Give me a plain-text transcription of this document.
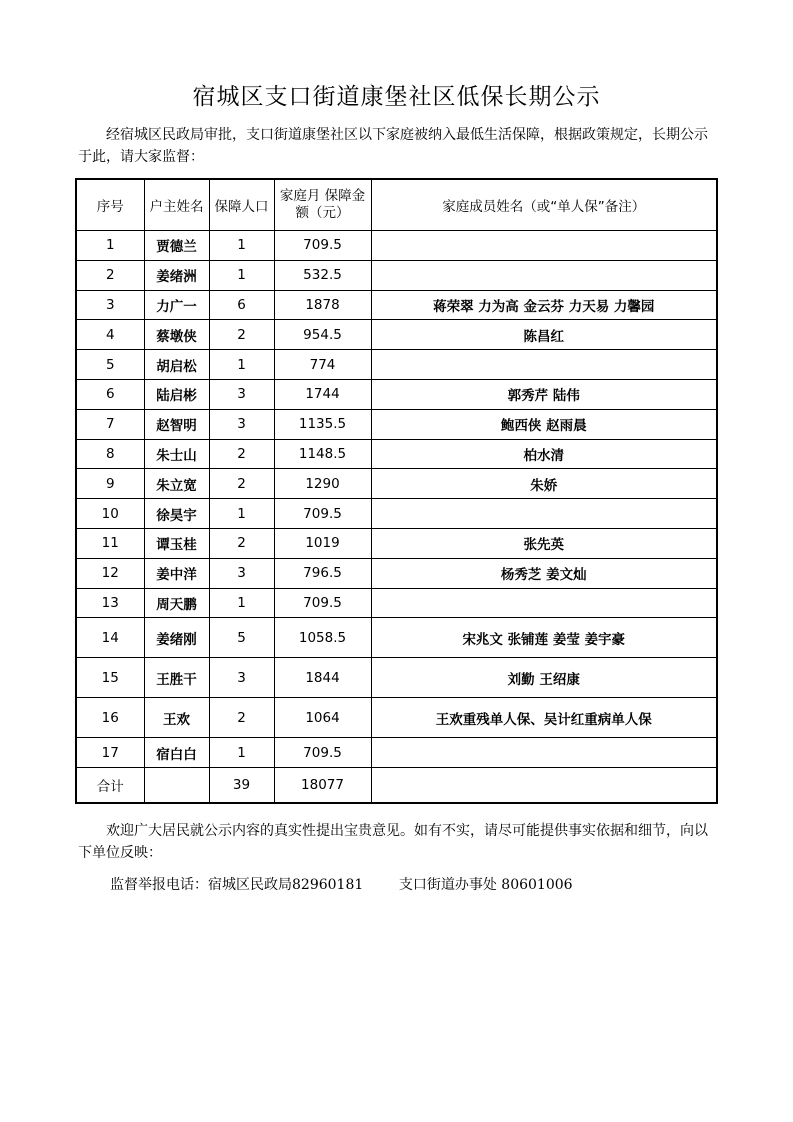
宿城区支口街道康堡社区低保长期公示
经宿城区民政局审批，支口街道康堡社区以下家庭被纳入最低生活保障，根据政策规定，长期公示于此，请大家监督：
序号	户主姓名	保障人口	家庭月 保障金额（元）	家庭成员姓名（或“单人保”备注）
1	贾德兰	1	709.5	
2	姜绪洲	1	532.5	
3	力广一	6	1878	蒋荣翠 力为高 金云芬 力天易 力馨园
4	蔡墩侠	2	954.5	陈昌红
5	胡启松	1	774	
6	陆启彬	3	1744	郭秀芹 陆伟
7	赵智明	3	1135.5	鲍西侠 赵雨晨
8	朱士山	2	1148.5	柏水清
9	朱立宽	2	1290	朱娇
10	徐昊宇	1	709.5	
11	谭玉桂	2	1019	张先英
12	姜中洋	3	796.5	杨秀芝 姜文灿
13	周天鹏	1	709.5	
14	姜绪刚	5	1058.5	宋兆文 张铺莲 姜莹 姜宇豪
15	王胜干	3	1844	刘勤 王绍康
16	王欢	2	1064	王欢重残单人保、吴计红重病单人保
17	宿白白	1	709.5	
合计		39	18077	
欢迎广大居民就公示内容的真实性提出宝贵意见。如有不实，请尽可能提供事实依据和细节，向以下单位反映：
监督举报电话：宿城区民政局82960181        支口街道办事处 80601006
